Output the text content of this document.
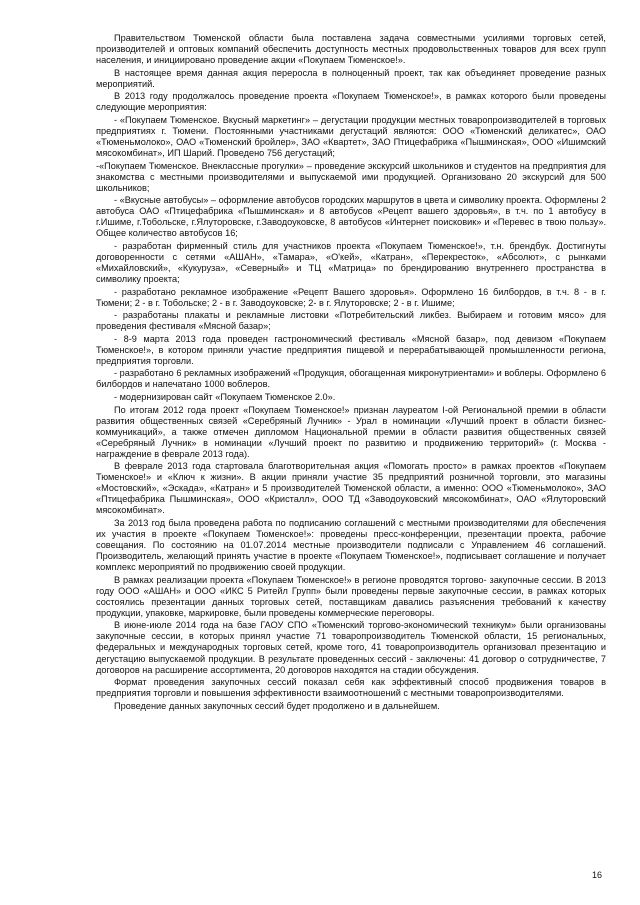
Правительством Тюменской области была поставлена задача совместными усилиями торговых сетей, производителей и оптовых компаний обеспечить доступность местных продовольственных товаров для всех групп населения, и инициировано проведение акции «Покупаем Тюменское!».

В настоящее время данная акция переросла в полноценный проект, так как объединяет проведение разных мероприятий.

В 2013 году продолжалось проведение проекта «Покупаем Тюменское!», в рамках которого были проведены следующие мероприятия:

- «Покупаем Тюменское. Вкусный маркетинг» – дегустации продукции местных товаропроизводителей в торговых предприятиях г. Тюмени. Постоянными участниками дегустаций являются: ООО «Тюменский деликатес», ОАО «Тюменьмолоко», ОАО «Тюменский бройлер», ЗАО «Квартет», ЗАО Птицефабрика «Пышминская», ООО «Ишимский мясокомбинат», ИП Шарий. Проведено 756 дегустаций;

-«Покупаем Тюменское. Внеклассные прогулки» – проведение экскурсий школьников и студентов на предприятия для знакомства с местными производителями и выпускаемой ими продукцией. Организовано 20 экскурсий для 500 школьников;

- «Вкусные автобусы» – оформление автобусов городских маршрутов в цвета и символику проекта. Оформлены 2 автобуса ОАО «Птицефабрика «Пышминская» и 8 автобусов «Рецепт вашего здоровья», в т.ч. по 1 автобусу в г.Ишиме, г.Тобольске, г.Ялуторовске, г.Заводоуковске, 8 автобусов «Интернет поисковик» и «Перевес в твою пользу». Общее количество автобусов 16;

- разработан фирменный стиль для участников проекта «Покупаем Тюменское!», т.н. брендбук. Достигнуты договоренности с сетями «АШАН», «Тамара», «О'кей», «Катран», «Перекресток», «Абсолют», с рынками «Михайловский», «Кукуруза», «Северный» и ТЦ «Матрица» по брендированию внутреннего пространства в символику проекта;

- разработано рекламное изображение «Рецепт Вашего здоровья». Оформлено 16 билбордов, в т.ч. 8 - в г. Тюмени; 2 - в г. Тобольске; 2 - в г. Заводоуковске; 2- в г. Ялуторовске; 2 - в г. Ишиме;

- разработаны плакаты и рекламные листовки «Потребительский ликбез. Выбираем и готовим мясо» для проведения фестиваля «Мясной базар»;

- 8-9 марта 2013 года проведен гастрономический фестиваль «Мясной базар», под девизом «Покупаем Тюменское!», в котором приняли участие предприятия пищевой и перерабатывающей промышленности региона, предприятия торговли.

- разработано 6 рекламных изображений «Продукция, обогащенная микронутриентами» и воблеры. Оформлено 6 билбордов и напечатано 1000 воблеров.

- модернизирован сайт «Покупаем Тюменское 2.0».

По итогам 2012 года проект «Покупаем Тюменское!» признан лауреатом I-ой Региональной премии в области развития общественных связей «Серебряный Лучник» - Урал в номинации «Лучший проект в области бизнес-коммуникаций», а также отмечен дипломом Национальной премии в области развития общественных связей «Серебряный Лучник» в номинации «Лучший проект по развитию и продвижению территорий» (г. Москва - награждение в феврале 2013 года).

В феврале 2013 года стартовала благотворительная акция «Помогать просто» в рамках проектов «Покупаем Тюменское!» и «Ключ к жизни». В акции приняли участие 35 предприятий розничной торговли, это магазины «Мостовский», «Эскада», «Катран» и 5 производителей Тюменской области, а именно: ООО «Тюменьмолоко», ЗАО «Птицефабрика Пышминская», ООО «Кристалл», ООО ТД «Заводоуковский мясокомбинат», ОАО «Ялуторовский мясокомбинат».

За 2013 год была проведена работа по подписанию соглашений с местными производителями для обеспечения их участия в проекте «Покупаем Тюменское!»: проведены пресс-конференции, презентации проекта, рабочие совещания. По состоянию на 01.07.2014 местные производители подписали с Управлением 46 соглашений. Производитель, желающий принять участие в проекте «Покупаем Тюменское!», подписывает соглашение и получает комплекс мероприятий по продвижению своей продукции.

В рамках реализации проекта «Покупаем Тюменское!» в регионе проводятся торгово- закупочные сессии. В 2013 году ООО «АШАН» и ООО «ИКС 5 Ритейл Групп» были проведены первые закупочные сессии, в рамках которых состоялись презентации данных торговых сетей, поставщикам давались разъяснения требований к качеству продукции, упаковке, маркировке, были проведены коммерческие переговоры.

В июне-июле 2014 года на базе ГАОУ СПО «Тюменский торгово-экономический техникум» были организованы закупочные сессии, в которых принял участие 71 товаропроизводитель Тюменской области, 15 региональных, федеральных и международных торговых сетей, кроме того, 41 товаропроизводитель организовал презентацию и дегустацию выпускаемой продукции. В результате проведенных сессий - заключены: 41 договор о сотрудничестве, 7 договоров на расширение ассортимента, 20 договоров находятся на стадии обсуждения.

Формат проведения закупочных сессий показал себя как эффективный способ продвижения товаров в предприятия торговли и повышения эффективности взаимоотношений с местными товаропроизводителями.

Проведение данных закупочных сессий будет продолжено и в дальнейшем.

16
